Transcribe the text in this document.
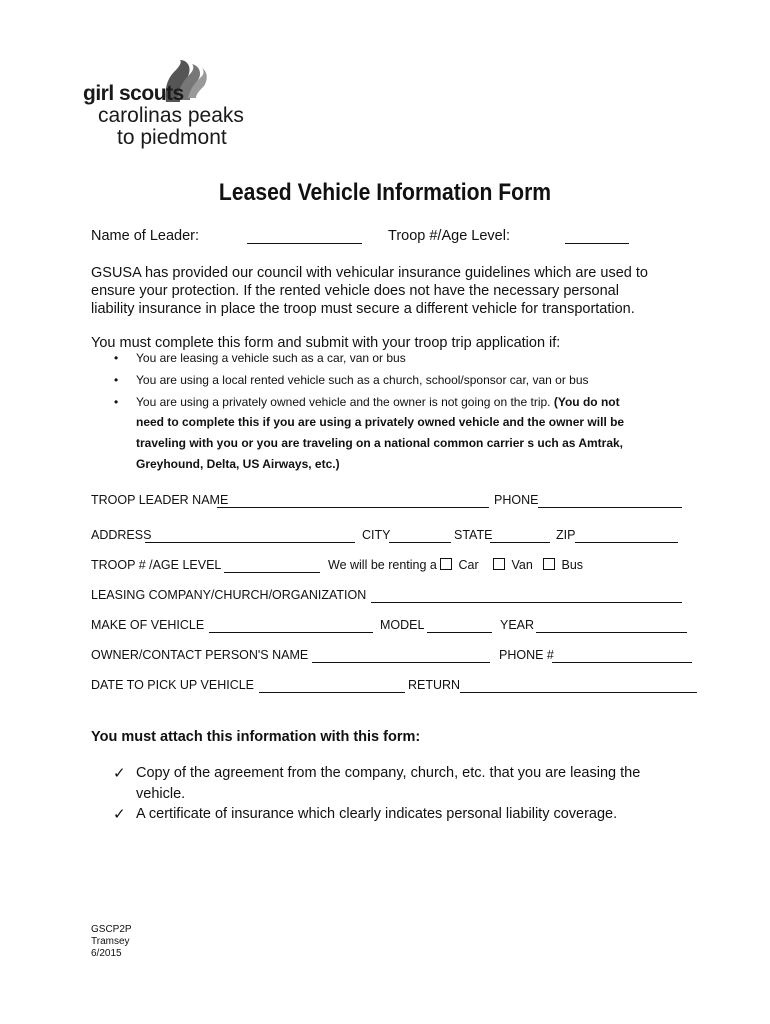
girl scouts
carolinas peaks
to piedmont
Leased Vehicle Information Form
Name of Leader:	Troop #/Age Level:
GSUSA has provided our council with vehicular insurance guidelines which are used to
ensure your protection. If the rented vehicle does not have the necessary personal
liability insurance in place the troop must secure a different vehicle for transportation.
You must complete this form and submit with your troop trip application if:
• You are leasing a vehicle such as a car, van or bus
• You are using a local rented vehicle such as a church, school/sponsor car, van or bus
• You are using a privately owned vehicle and the owner is not going on the trip. (You do not
need to complete this if you are using a privately owned vehicle and the owner will be
traveling with you or you are traveling on a national common carrier s uch as Amtrak,
Greyhound, Delta, US Airways, etc.)
TROOP LEADER NAME	PHONE
ADDRESS	CITY	STATE	ZIP
TROOP # /AGE LEVEL	We will be renting a	Car	Van	Bus
LEASING COMPANY/CHURCH/ORGANIZATION
MAKE OF VEHICLE	MODEL	YEAR
OWNER/CONTACT PERSON'S NAME	PHONE #
DATE TO PICK UP VEHICLE	RETURN
You must attach this information with this form:
✓ Copy of the agreement from the company, church, etc. that you are leasing the
vehicle.
✓ A certificate of insurance which clearly indicates personal liability coverage.
GSCP2P
Tramsey
6/2015
